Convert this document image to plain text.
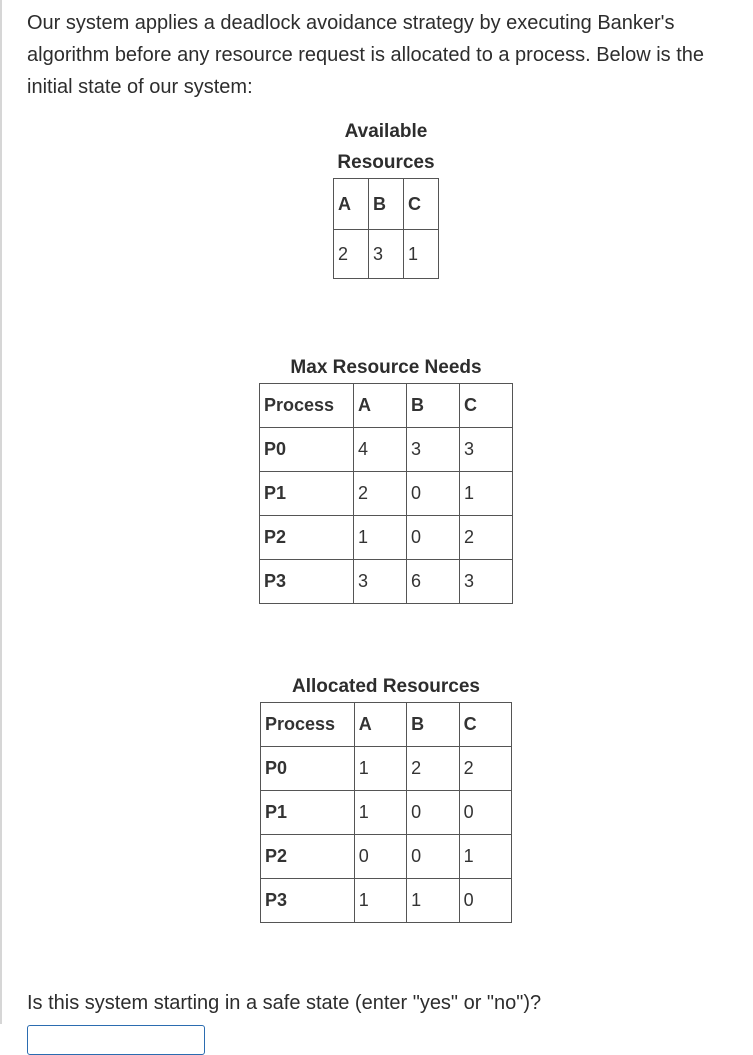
Our system applies a deadlock avoidance strategy by executing Banker's algorithm before any resource request is allocated to a process. Below is the initial state of our system:

Available Resources
A	B	C
2	3	1
Max Resource Needs
Process	A	B	C
P0	4	3	3
P1	2	0	1
P2	1	0	2
P3	3	6	3
Allocated Resources
Process	A	B	C
P0	1	2	2
P1	1	0	0
P2	0	0	1
P3	1	1	0

Is this system starting in a safe state (enter "yes" or "no")?
